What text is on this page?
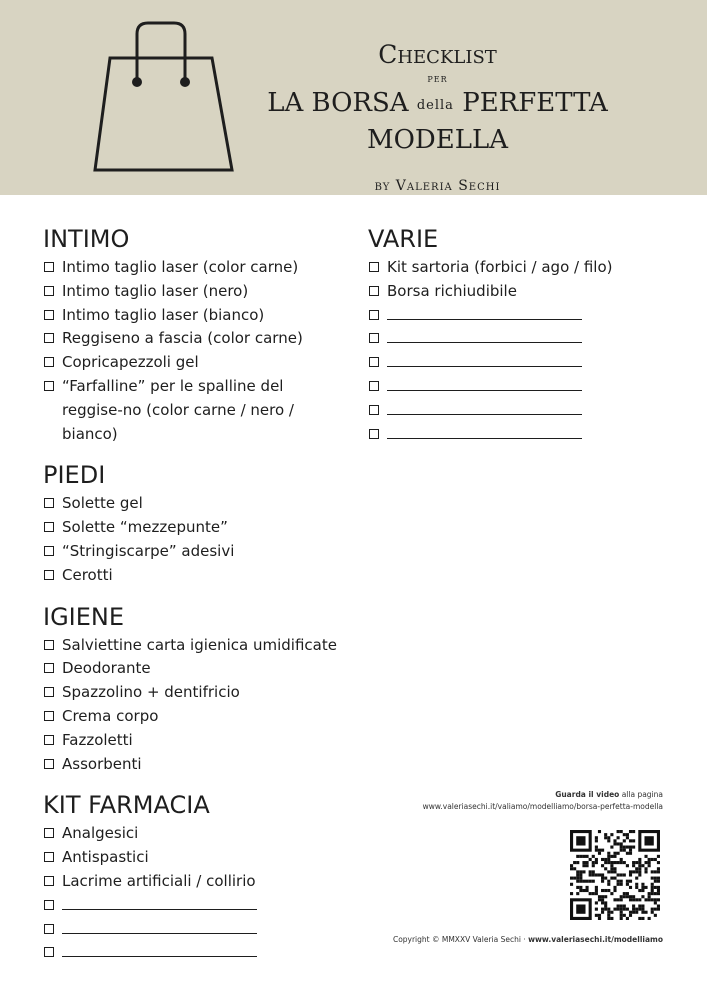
Checklist
per
LA BORSA della PERFETTA MODELLA
by Valeria Sechi
INTIMO
Intimo taglio laser (color carne)
Intimo taglio laser (nero)
Intimo taglio laser (bianco)
Reggiseno a fascia (color carne)
Copricapezzoli gel
“Farfalline” per le spalline del reggise-no (color carne / nero / bianco)
PIEDI
Solette gel
Solette “mezzepunte”
“Stringiscarpe” adesivi
Cerotti
IGIENE
Salviettine carta igienica umidificate
Deodorante
Spazzolino + dentifricio
Crema corpo
Fazzoletti
Assorbenti
KIT FARMACIA
Analgesici
Antispastici
Lacrime artificiali / collirio
VARIE
Kit sartoria (forbici / ago / filo)
Borsa richiudibile
Guarda il video alla pagina
www.valeriasechi.it/valiamo/modelliamo/borsa-perfetta-modella
Copyright © MMXXV Valeria Sechi · www.valeriasechi.it/modelliamo
